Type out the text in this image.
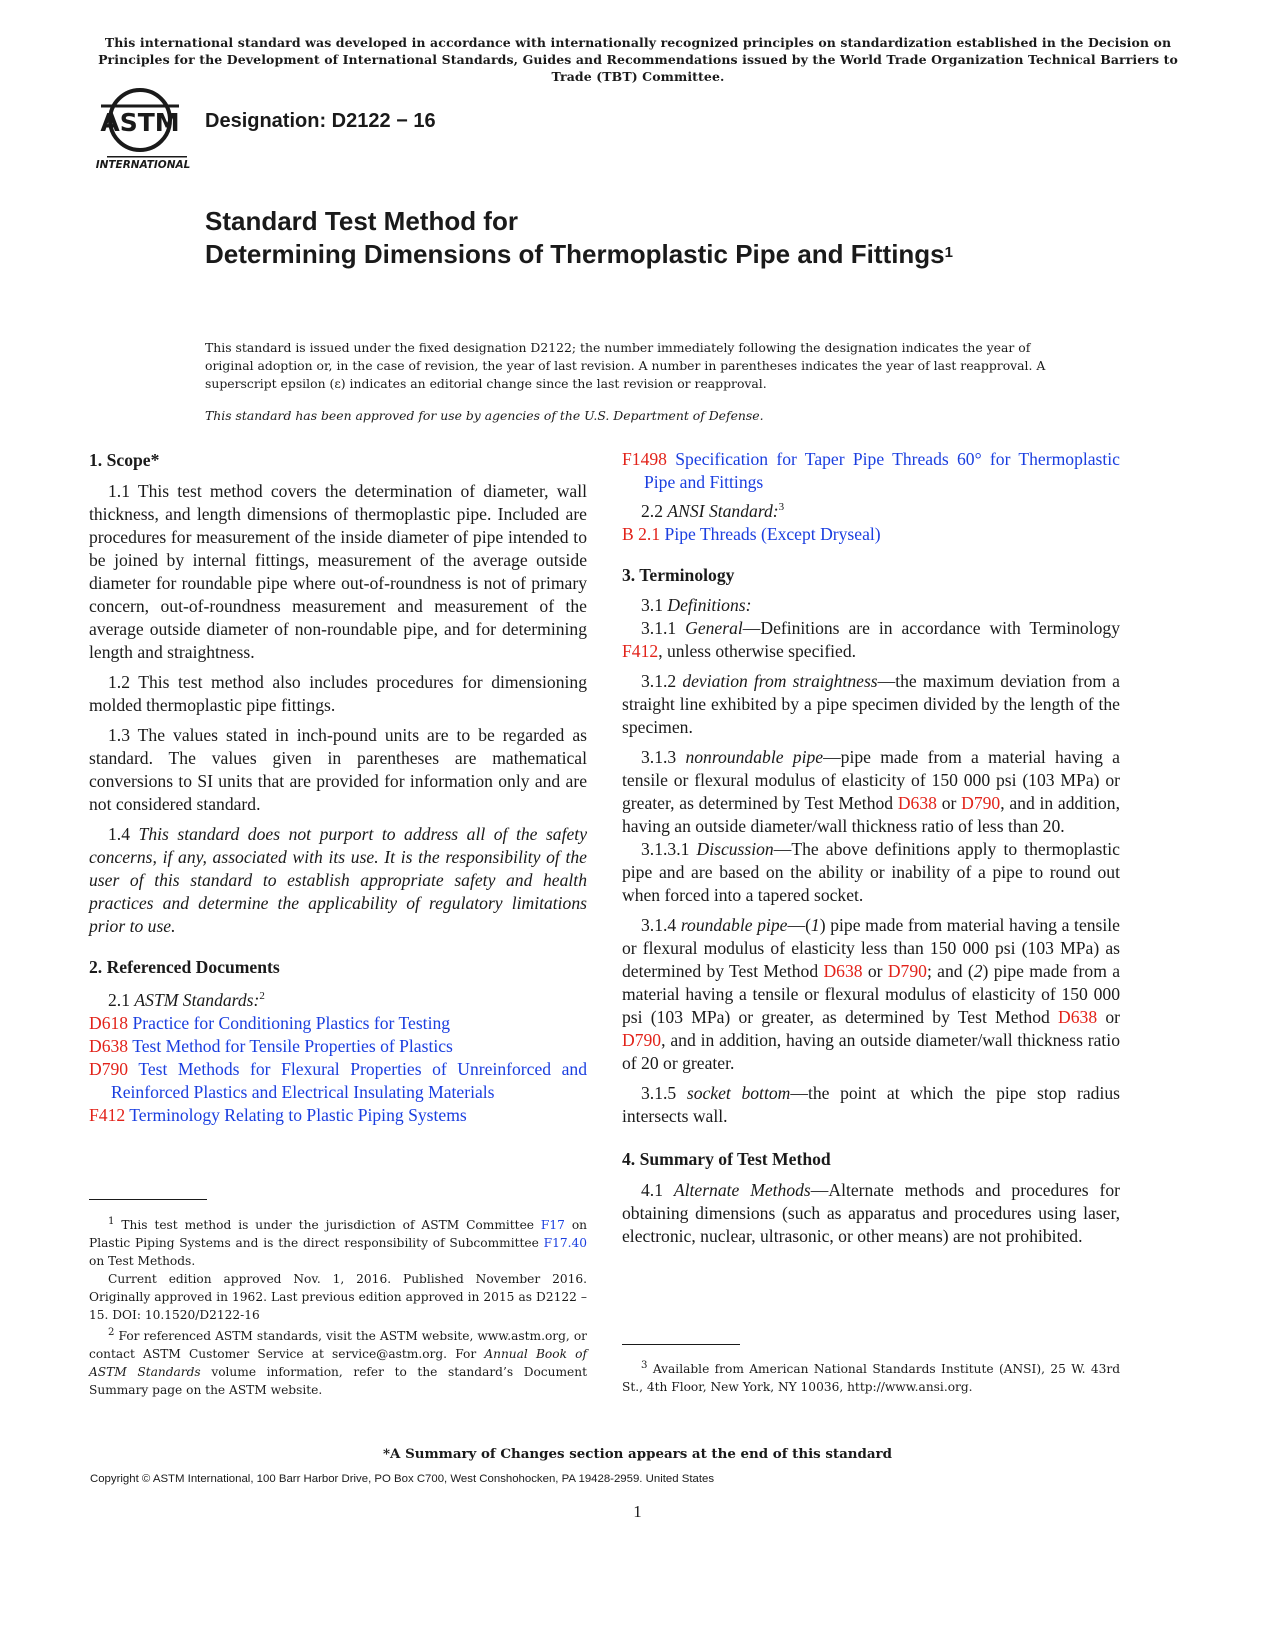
This international standard was developed in accordance with internationally recognized principles on standardization established in the Decision on Principles for the Development of International Standards, Guides and Recommendations issued by the World Trade Organization Technical Barriers to Trade (TBT) Committee.
ASTM
INTERNATIONAL
Designation: D2122 − 16
Standard Test Method for
Determining Dimensions of Thermoplastic Pipe and Fittings$^1$
This standard is issued under the fixed designation D2122; the number immediately following the designation indicates the year of original adoption or, in the case of revision, the year of last revision. A number in parentheses indicates the year of last reapproval. A superscript epsilon (ε) indicates an editorial change since the last revision or reapproval.
This standard has been approved for use by agencies of the U.S. Department of Defense.

1. Scope*

1.1 This test method covers the determination of diameter, wall thickness, and length dimensions of thermoplastic pipe. Included are procedures for measurement of the inside diameter of pipe intended to be joined by internal fittings, measurement of the average outside diameter for roundable pipe where out-of-roundness is not of primary concern, out-of-roundness measurement and measurement of the average outside diameter of non-roundable pipe, and for determining length and straightness.

1.2 This test method also includes procedures for dimensioning molded thermoplastic pipe fittings.

1.3 The values stated in inch-pound units are to be regarded as standard. The values given in parentheses are mathematical conversions to SI units that are provided for information only and are not considered standard.

1.4 This standard does not purport to address all of the safety concerns, if any, associated with its use. It is the responsibility of the user of this standard to establish appropriate safety and health practices and determine the applicability of regulatory limitations prior to use.

2. Referenced Documents

2.1 ASTM Standards:$^2$

D618 Practice for Conditioning Plastics for Testing

D638 Test Method for Tensile Properties of Plastics

D790 Test Methods for Flexural Properties of Unreinforced and Reinforced Plastics and Electrical Insulating Materials

F412 Terminology Relating to Plastic Piping Systems

$^1$ This test method is under the jurisdiction of ASTM Committee F17 on Plastic Piping Systems and is the direct responsibility of Subcommittee F17.40 on Test Methods.

Current edition approved Nov. 1, 2016. Published November 2016. Originally approved in 1962. Last previous edition approved in 2015 as D2122 – 15. DOI: 10.1520/D2122-16

$^2$ For referenced ASTM standards, visit the ASTM website, www.astm.org, or contact ASTM Customer Service at service@astm.org. For Annual Book of ASTM Standards volume information, refer to the standard’s Document Summary page on the ASTM website.

F1498 Specification for Taper Pipe Threads 60° for Thermoplastic Pipe and Fittings

2.2 ANSI Standard:$^3$

B 2.1 Pipe Threads (Except Dryseal)

3. Terminology

3.1 Definitions:

3.1.1 General—Definitions are in accordance with Terminology F412, unless otherwise specified.

3.1.2 deviation from straightness—the maximum deviation from a straight line exhibited by a pipe specimen divided by the length of the specimen.

3.1.3 nonroundable pipe—pipe made from a material having a tensile or flexural modulus of elasticity of 150 000 psi (103 MPa) or greater, as determined by Test Method D638 or D790, and in addition, having an outside diameter/wall thickness ratio of less than 20.

3.1.3.1 Discussion—The above definitions apply to thermoplastic pipe and are based on the ability or inability of a pipe to round out when forced into a tapered socket.

3.1.4 roundable pipe—(1) pipe made from material having a tensile or flexural modulus of elasticity less than 150 000 psi (103 MPa) as determined by Test Method D638 or D790; and (2) pipe made from a material having a tensile or flexural modulus of elasticity of 150 000 psi (103 MPa) or greater, as determined by Test Method D638 or D790, and in addition, having an outside diameter/wall thickness ratio of 20 or greater.

3.1.5 socket bottom—the point at which the pipe stop radius intersects wall.

4. Summary of Test Method

4.1 Alternate Methods—Alternate methods and procedures for obtaining dimensions (such as apparatus and procedures using laser, electronic, nuclear, ultrasonic, or other means) are not prohibited.

$^3$ Available from American National Standards Institute (ANSI), 25 W. 43rd St., 4th Floor, New York, NY 10036, http://www.ansi.org.

*A Summary of Changes section appears at the end of this standard
Copyright © ASTM International, 100 Barr Harbor Drive, PO Box C700, West Conshohocken, PA 19428-2959. United States
1
